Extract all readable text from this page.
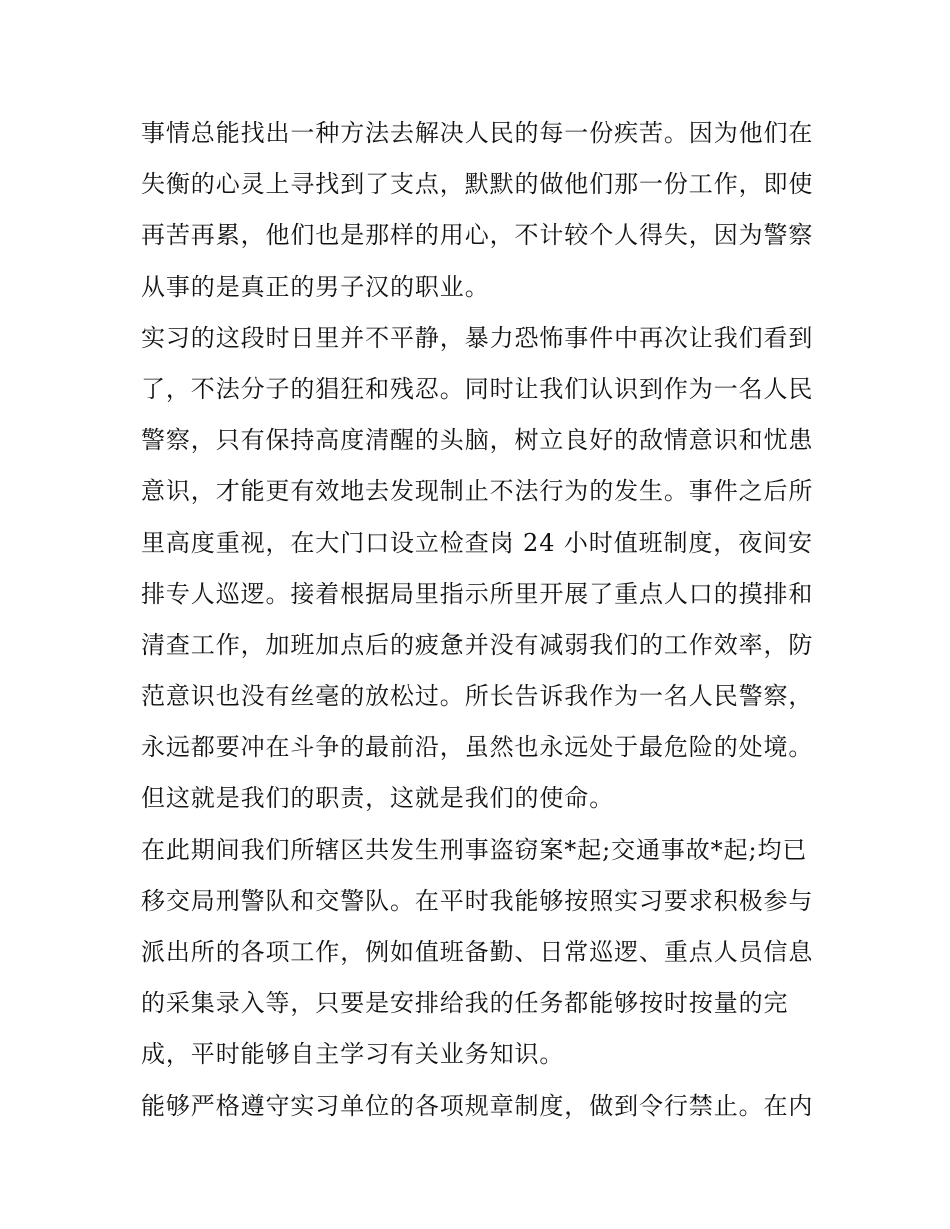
事情总能找出一种方法去解决人民的每一份疾苦。因为他们在
失衡的心灵上寻找到了支点，默默的做他们那一份工作，即使
再苦再累，他们也是那样的用心，不计较个人得失，因为警察
从事的是真正的男子汉的职业。
实习的这段时日里并不平静，暴力恐怖事件中再次让我们看到
了，不法分子的猖狂和残忍。同时让我们认识到作为一名人民
警察，只有保持高度清醒的头脑，树立良好的敌情意识和忧患
意识，才能更有效地去发现制止不法行为的发生。事件之后所
里高度重视，在大门口设立检查岗 24 小时值班制度，夜间安
排专人巡逻。接着根据局里指示所里开展了重点人口的摸排和
清查工作，加班加点后的疲惫并没有减弱我们的工作效率，防
范意识也没有丝毫的放松过。所长告诉我作为一名人民警察，
永远都要冲在斗争的最前沿，虽然也永远处于最危险的处境。
但这就是我们的职责，这就是我们的使命。
在此期间我们所辖区共发生刑事盗窃案*起;交通事故*起;均已
移交局刑警队和交警队。在平时我能够按照实习要求积极参与
派出所的各项工作，例如值班备勤、日常巡逻、重点人员信息
的采集录入等，只要是安排给我的任务都能够按时按量的完
成，平时能够自主学习有关业务知识。
能够严格遵守实习单位的各项规章制度，做到令行禁止。在内
